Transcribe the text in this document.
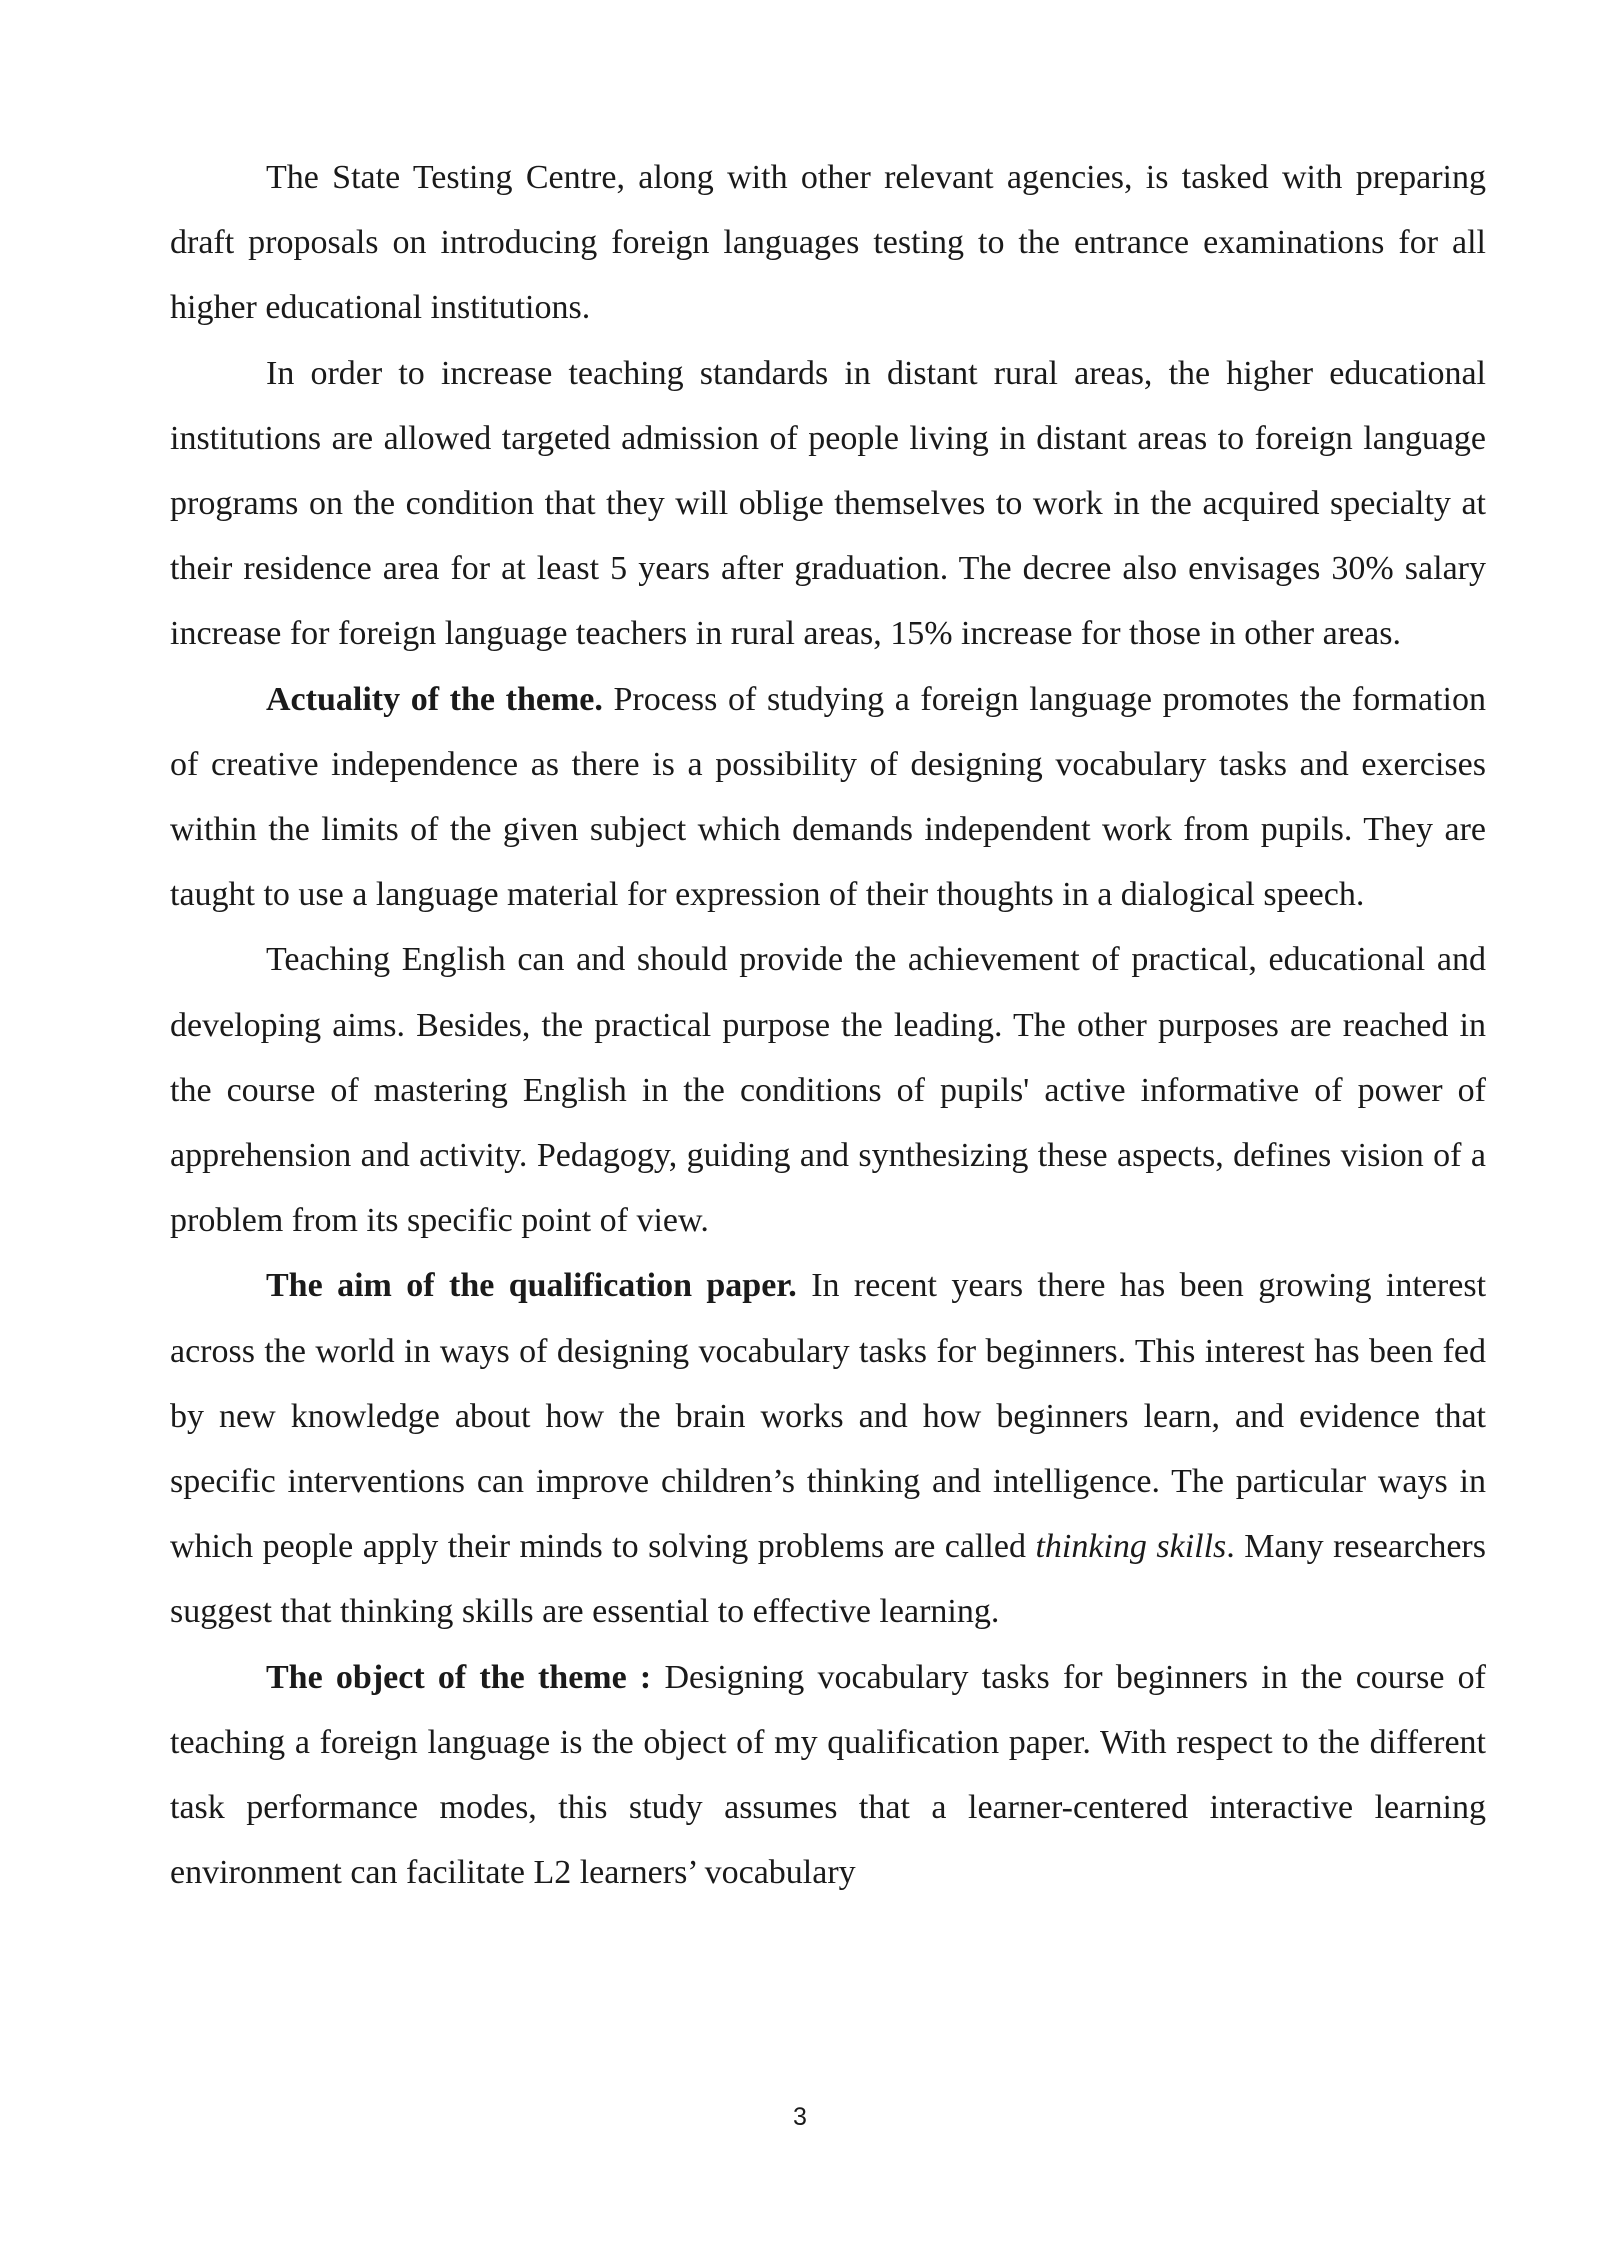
The State Testing Centre, along with other relevant agencies, is tasked with preparing draft proposals on introducing foreign languages testing to the entrance examinations for all higher educational institutions.

In order to increase teaching standards in distant rural areas, the higher educational institutions are allowed targeted admission of people living in distant areas to foreign language programs on the condition that they will oblige themselves to work in the acquired specialty at their residence area for at least 5 years after graduation. The decree also envisages 30% salary increase for foreign language teachers in rural areas, 15% increase for those in other areas.

Actuality of the theme. Process of studying a foreign language promotes the formation of creative independence as there is a possibility of designing vocabulary tasks and exercises within the limits of the given subject which demands independent work from pupils. They are taught to use a language material for expression of their thoughts in a dialogical speech.

Teaching English can and should provide the achievement of practical, educational and developing aims. Besides, the practical purpose the leading. The other purposes are reached in the course of mastering English in the conditions of pupils' active informative of power of apprehension and activity. Pedagogy, guiding and synthesizing these aspects, defines vision of a problem from its specific point of view.

The aim of the qualification paper. In recent years there has been growing interest across the world in ways of designing vocabulary tasks for beginners. This interest has been fed by new knowledge about how the brain works and how beginners learn, and evidence that specific interventions can improve children’s thinking and intelligence. The particular ways in which people apply their minds to solving problems are called thinking skills. Many researchers suggest that thinking skills are essential to effective learning.

The object of the theme : Designing vocabulary tasks for beginners in the course of teaching a foreign language is the object of my qualification paper. With respect to the different task performance modes, this study assumes that a learner-centered interactive learning environment can facilitate L2 learners’ vocabulary

3
